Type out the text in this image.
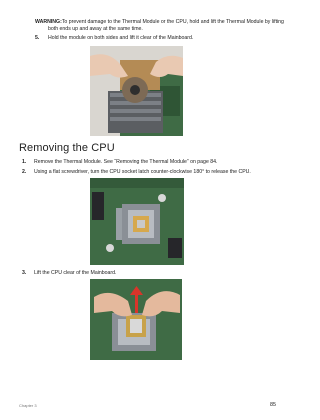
WARNING:To prevent damage to the Thermal Module or the CPU, hold and lift the Thermal Module by lifting
both ends up and away at the same time.
5.	Hold the module on both sides and lift it clear of the Mainboard.
Removing the CPU
1.	Remove the Thermal Module. See “Removing the Thermal Module” on page 84.
2.	Using a flat screwdriver, turn the CPU socket latch counter-clockwise 180° to release the CPU.
3.	Lift the CPU clear of the Mainboard.
Chapter 3	85
